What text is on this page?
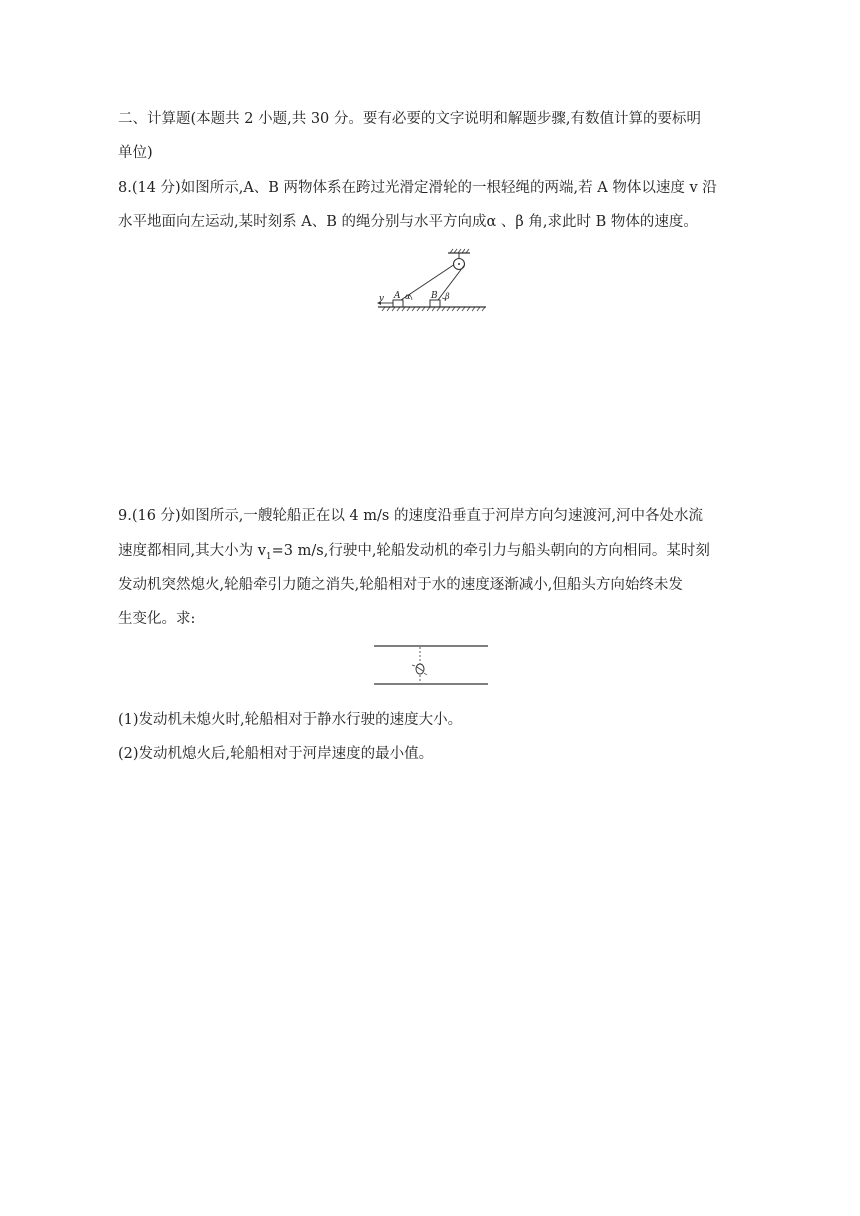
二、计算题(本题共 2 小题,共 30 分。要有必要的文字说明和解题步骤,有数值计算的要标明
单位)
8.(14 分)如图所示,A、B 两物体系在跨过光滑定滑轮的一根轻绳的两端,若 A 物体以速度 v 沿
水平地面向左运动,某时刻系 A、B 的绳分别与水平方向成α 、β 角,求此时 B 物体的速度。
v A α B β
9.(16 分)如图所示,一艘轮船正在以 4 m/s 的速度沿垂直于河岸方向匀速渡河,河中各处水流
速度都相同,其大小为 $v_1=3$ m/s,行驶中,轮船发动机的牵引力与船头朝向的方向相同。某时刻
发动机突然熄火,轮船牵引力随之消失,轮船相对于水的速度逐渐减小,但船头方向始终未发
生变化。求:
(1)发动机未熄火时,轮船相对于静水行驶的速度大小。
(2)发动机熄火后,轮船相对于河岸速度的最小值。
